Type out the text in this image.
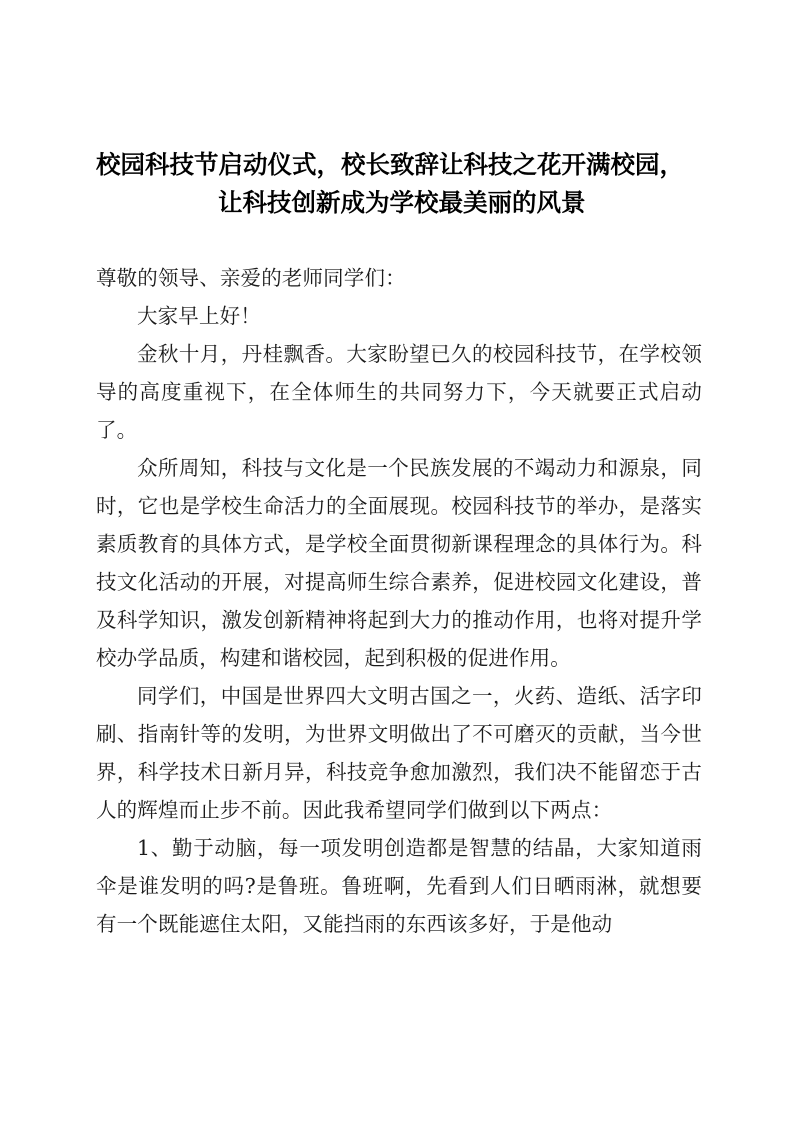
校园科技节启动仪式，校长致辞让科技之花开满校园，
让科技创新成为学校最美丽的风景

尊敬的领导、亲爱的老师同学们：

大家早上好！

金秋十月，丹桂飘香。大家盼望已久的校园科技节，在学校领导的高度重视下，在全体师生的共同努力下，今天就要正式启动了。

众所周知，科技与文化是一个民族发展的不竭动力和源泉，同时，它也是学校生命活力的全面展现。校园科技节的举办，是落实素质教育的具体方式，是学校全面贯彻新课程理念的具体行为。科技文化活动的开展，对提高师生综合素养，促进校园文化建设，普及科学知识，激发创新精神将起到大力的推动作用，也将对提升学校办学品质，构建和谐校园，起到积极的促进作用。

同学们，中国是世界四大文明古国之一，火药、造纸、活字印刷、指南针等的发明，为世界文明做出了不可磨灭的贡献，当今世界，科学技术日新月异，科技竞争愈加激烈，我们决不能留恋于古人的辉煌而止步不前。因此我希望同学们做到以下两点：

1、勤于动脑，每一项发明创造都是智慧的结晶，大家知道雨伞是谁发明的吗?是鲁班。鲁班啊，先看到人们日晒雨淋，就想要有一个既能遮住太阳，又能挡雨的东西该多好，于是他动
